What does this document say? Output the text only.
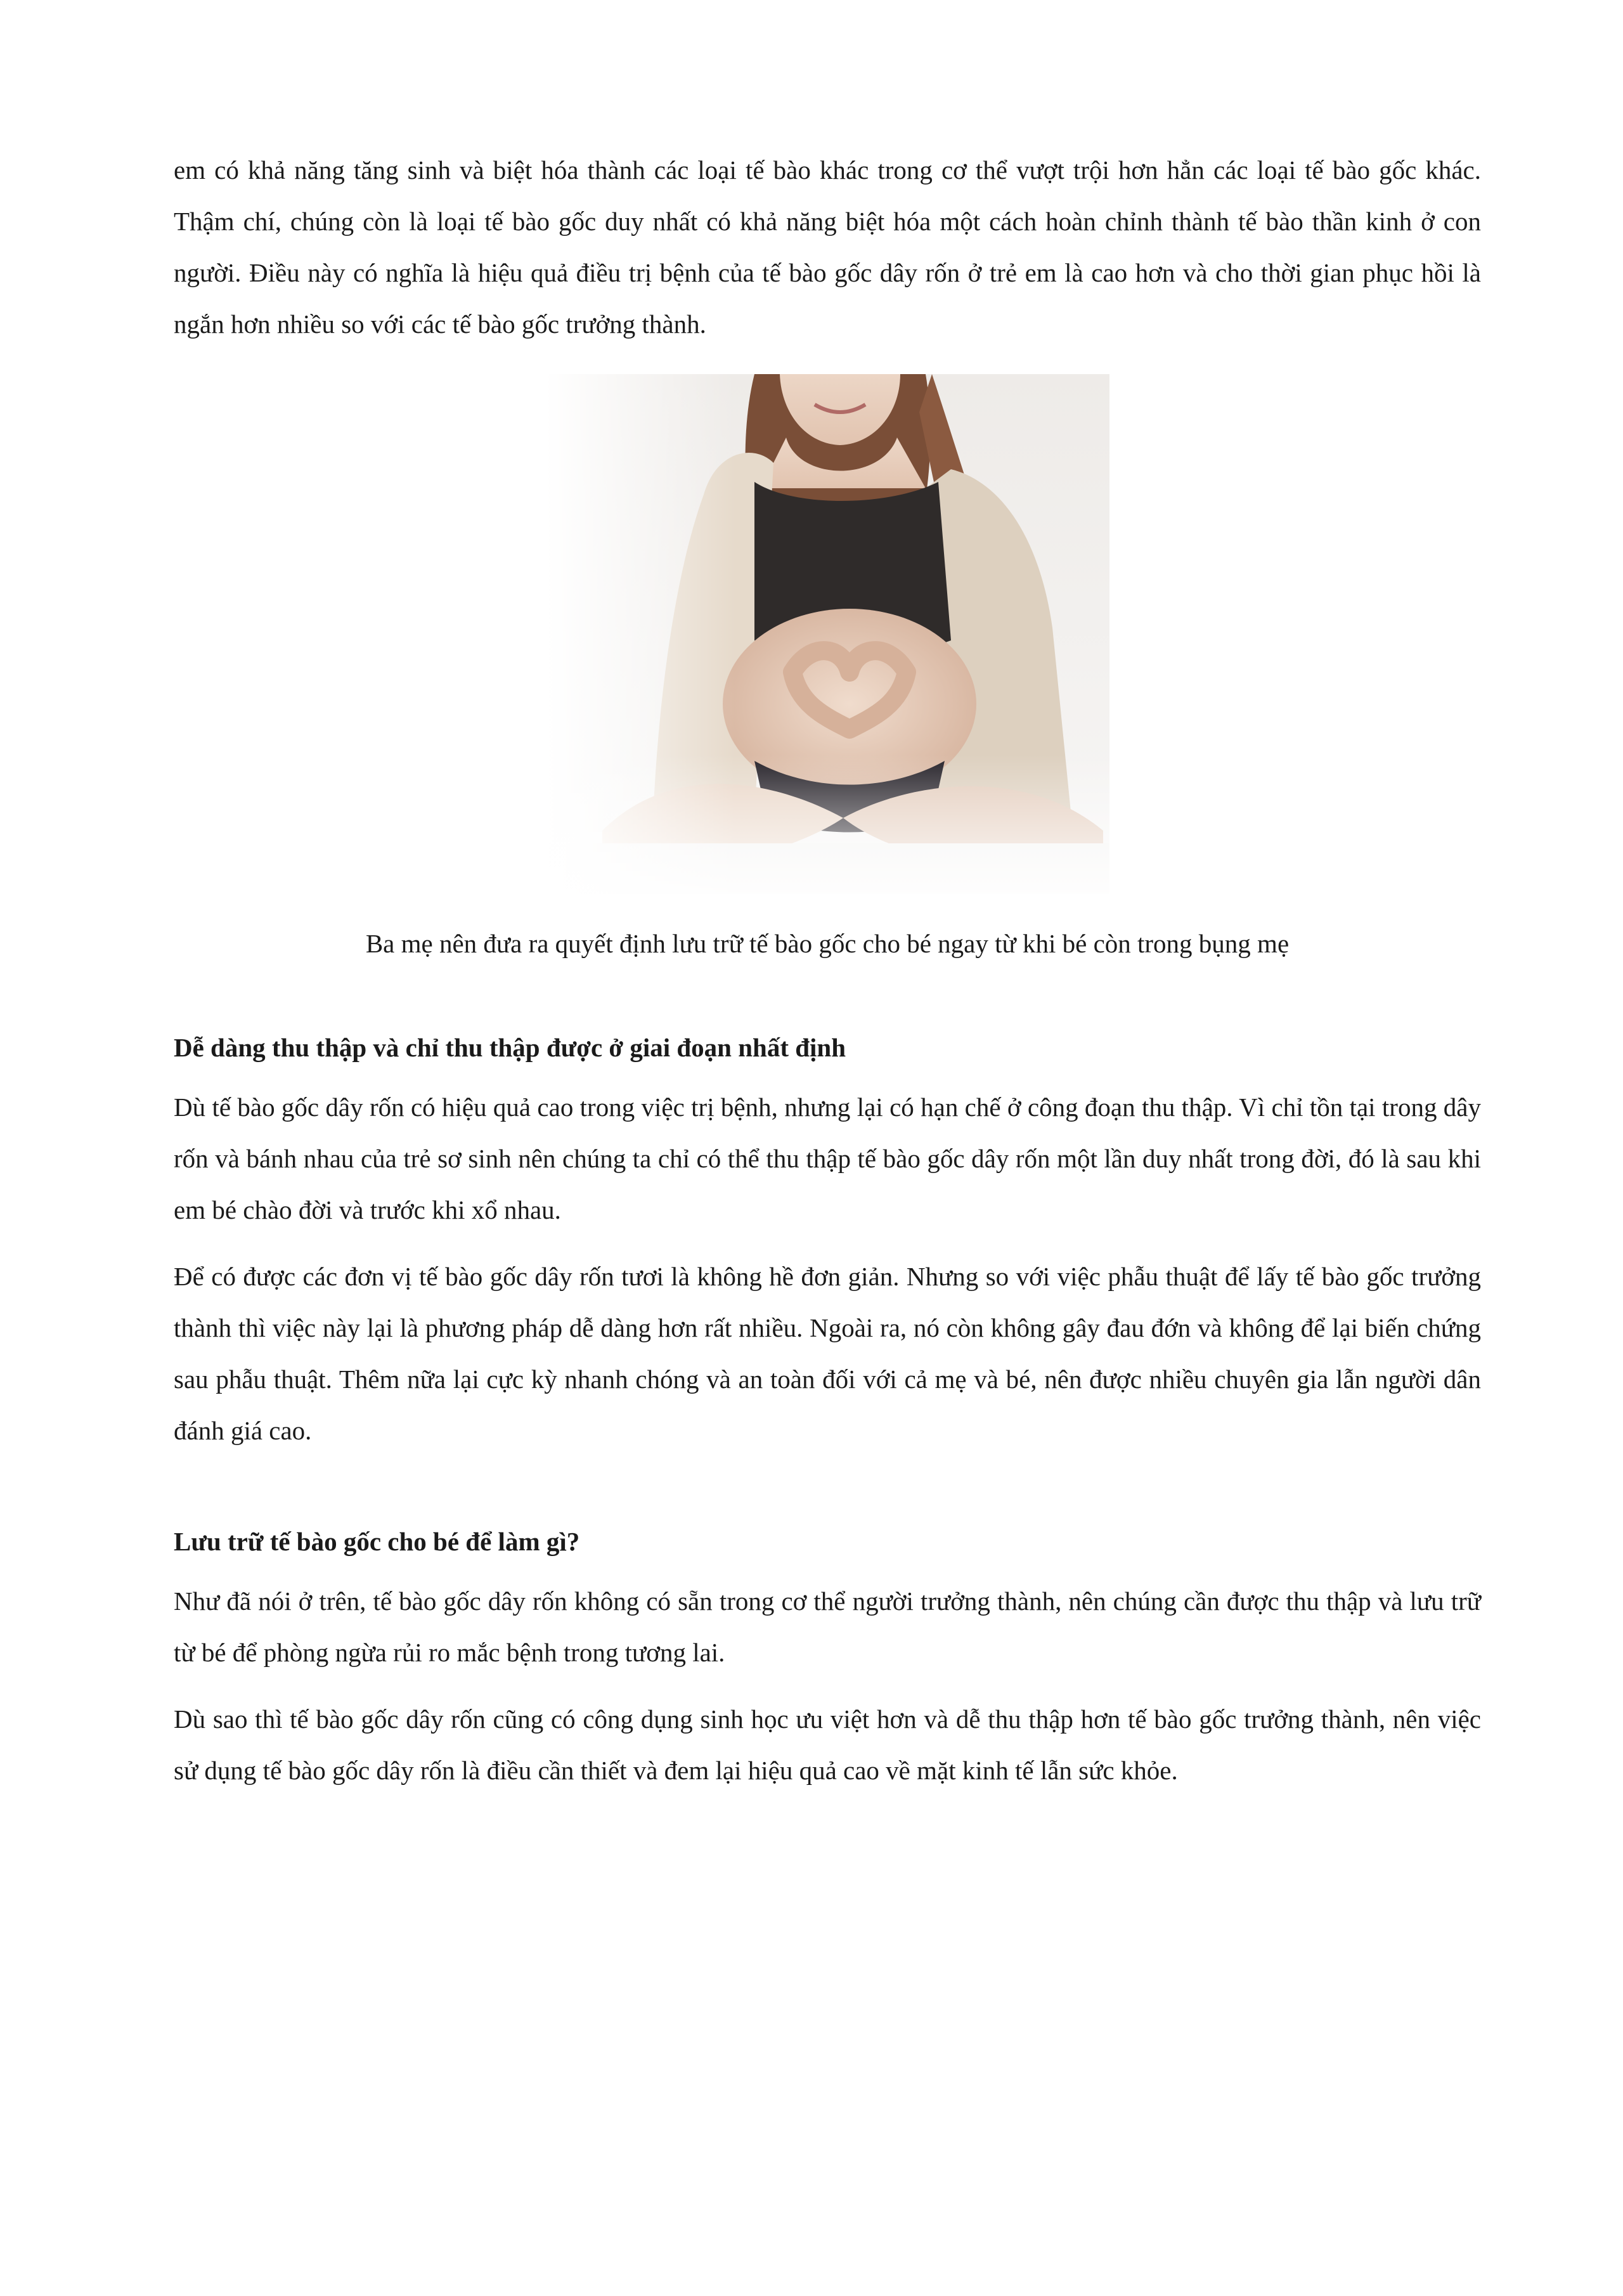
em có khả năng tăng sinh và biệt hóa thành các loại tế bào khác trong cơ thể vượt trội hơn hẳn các loại tế bào gốc khác. Thậm chí, chúng còn là loại tế bào gốc duy nhất có khả năng biệt hóa một cách hoàn chỉnh thành tế bào thần kinh ở con người. Điều này có nghĩa là hiệu quả điều trị bệnh của tế bào gốc dây rốn ở trẻ em là cao hơn và cho thời gian phục hồi là ngắn hơn nhiều so với các tế bào gốc trưởng thành.

Ba mẹ nên đưa ra quyết định lưu trữ tế bào gốc cho bé ngay từ khi bé còn trong bụng mẹ

Dễ dàng thu thập và chỉ thu thập được ở giai đoạn nhất định

Dù tế bào gốc dây rốn có hiệu quả cao trong việc trị bệnh, nhưng lại có hạn chế ở công đoạn thu thập. Vì chỉ tồn tại trong dây rốn và bánh nhau của trẻ sơ sinh nên chúng ta chỉ có thể thu thập tế bào gốc dây rốn một lần duy nhất trong đời, đó là sau khi em bé chào đời và trước khi xổ nhau.

Để có được các đơn vị tế bào gốc dây rốn tươi là không hề đơn giản. Nhưng so với việc phẫu thuật để lấy tế bào gốc trưởng thành thì việc này lại là phương pháp dễ dàng hơn rất nhiều. Ngoài ra, nó còn không gây đau đớn và không để lại biến chứng sau phẫu thuật. Thêm nữa lại cực kỳ nhanh chóng và an toàn đối với cả mẹ và bé, nên được nhiều chuyên gia lẫn người dân đánh giá cao.

Lưu trữ tế bào gốc cho bé để làm gì?

Như đã nói ở trên, tế bào gốc dây rốn không có sẵn trong cơ thể người trưởng thành, nên chúng cần được thu thập và lưu trữ từ bé để phòng ngừa rủi ro mắc bệnh trong tương lai.

Dù sao thì tế bào gốc dây rốn cũng có công dụng sinh học ưu việt hơn và dễ thu thập hơn tế bào gốc trưởng thành, nên việc sử dụng tế bào gốc dây rốn là điều cần thiết và đem lại hiệu quả cao về mặt kinh tế lẫn sức khỏe.
